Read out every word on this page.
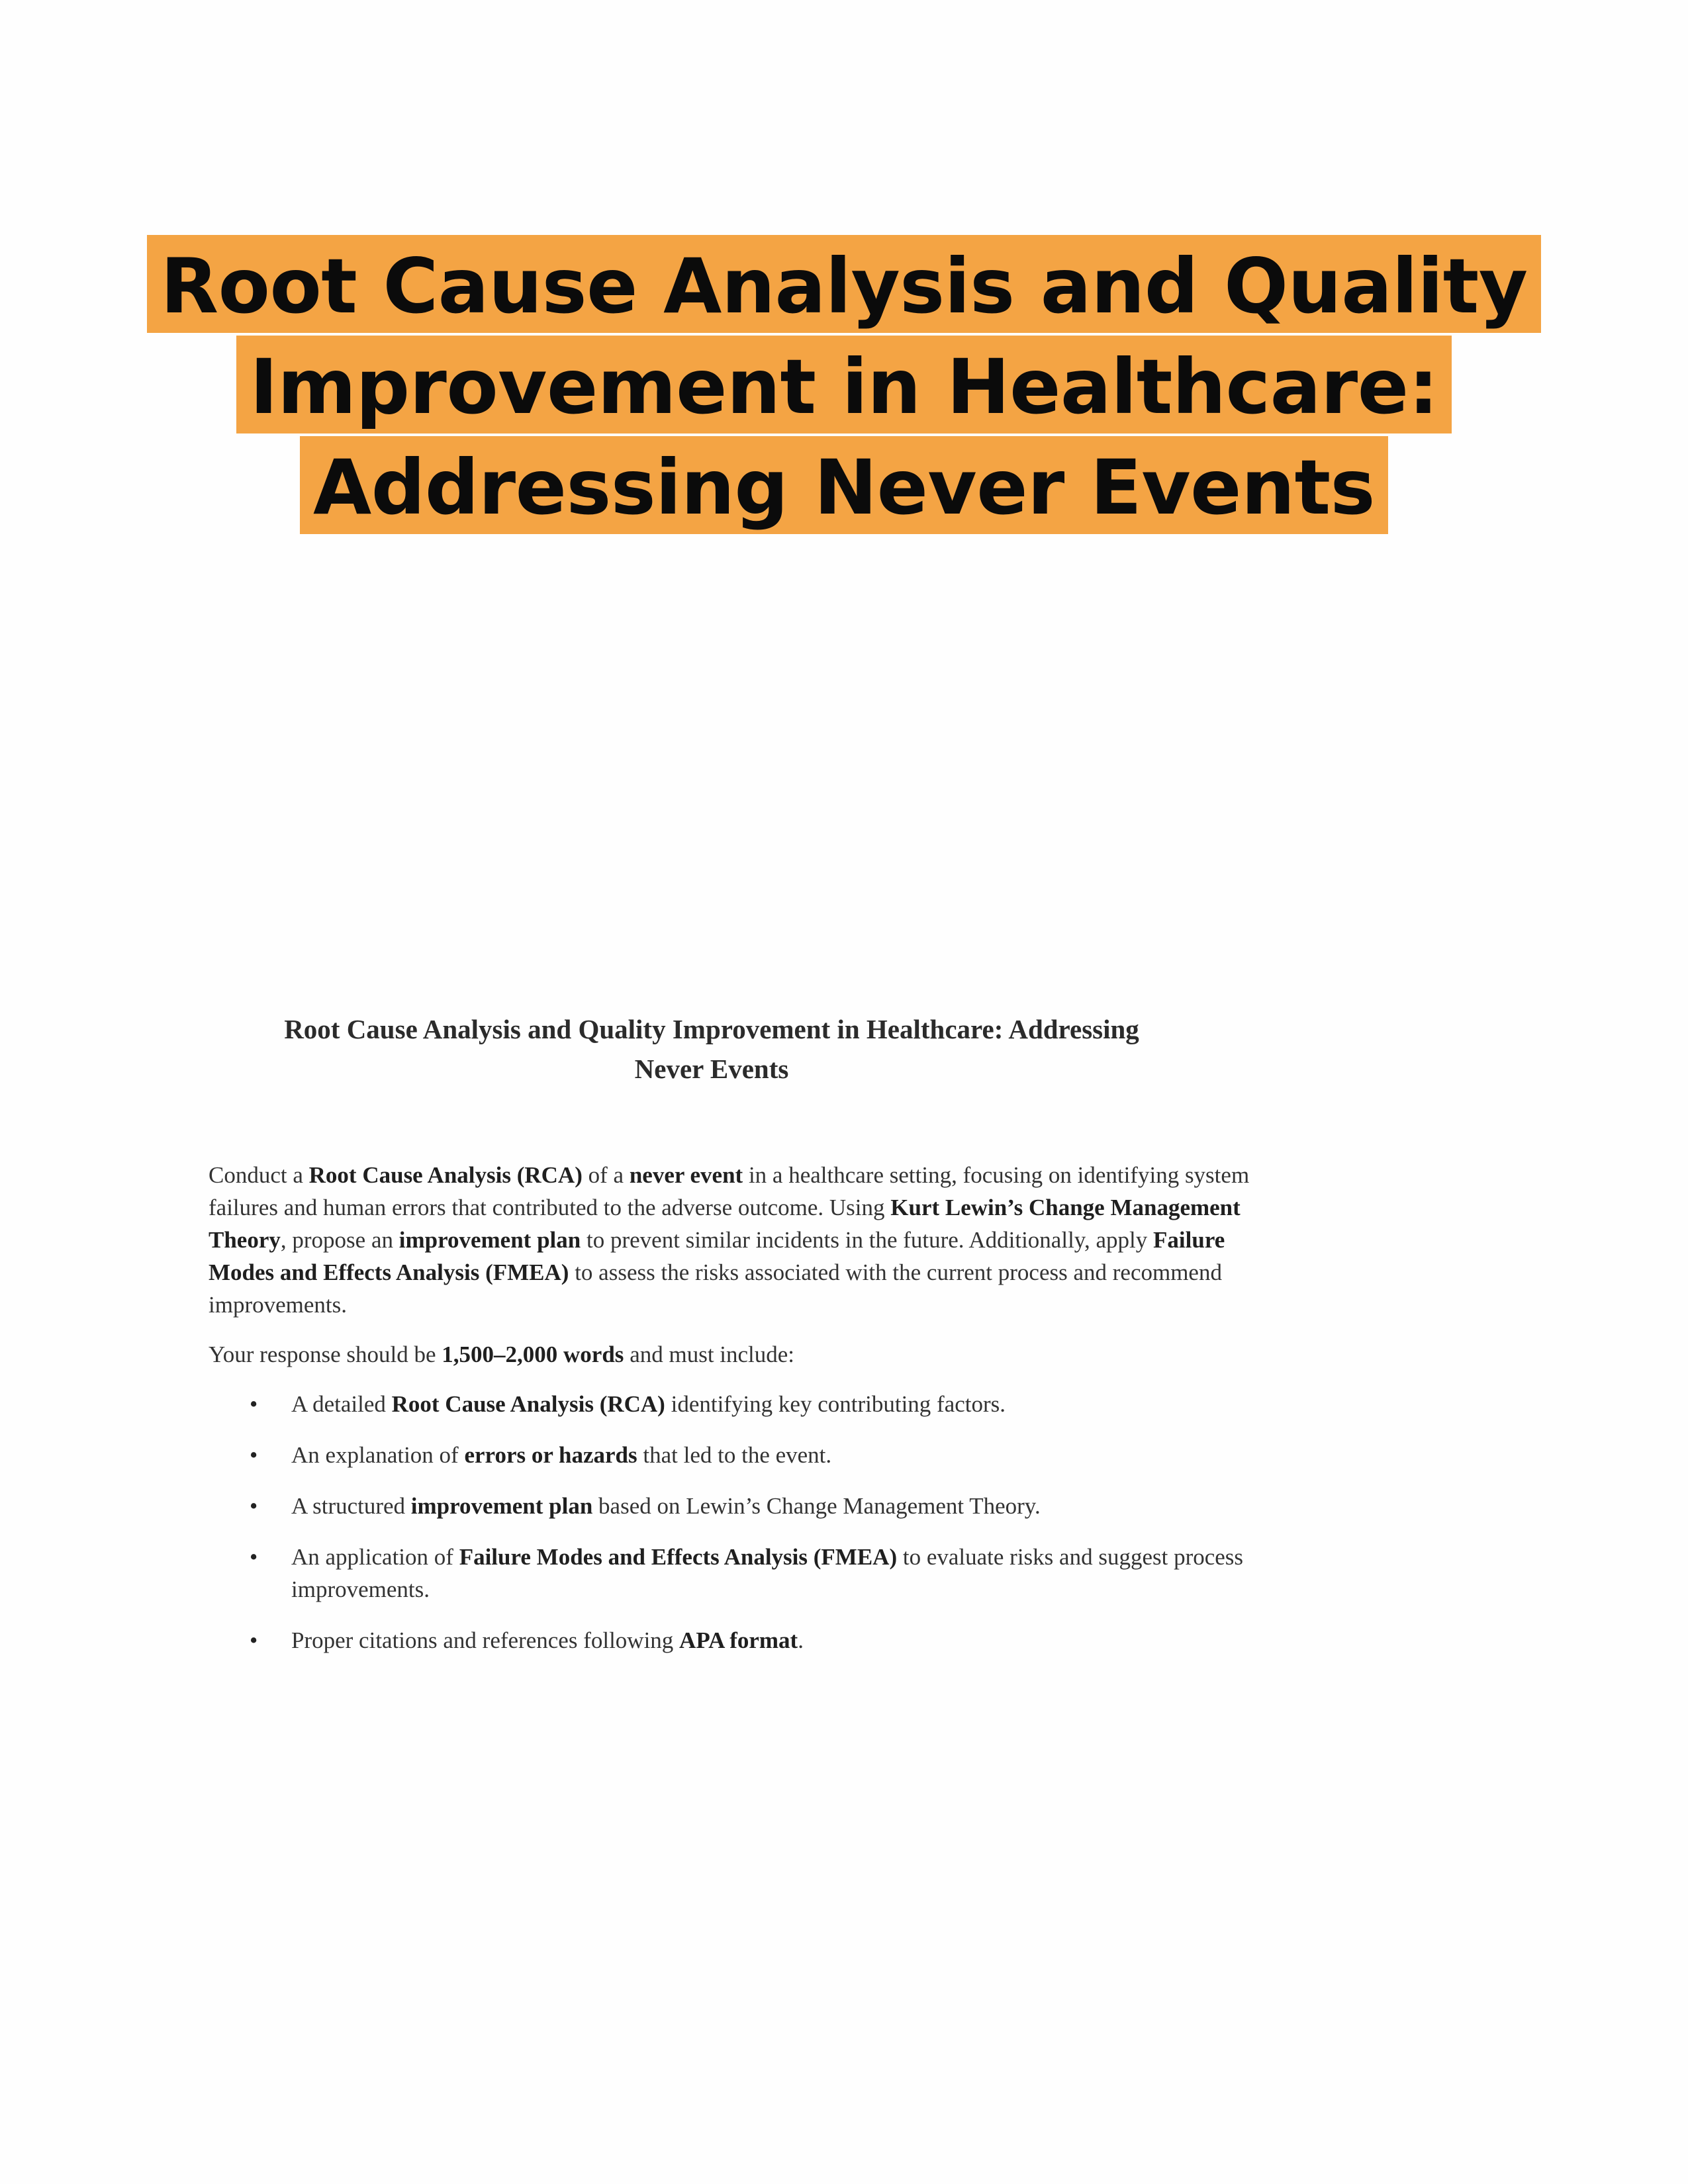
Root Cause Analysis and Quality
Improvement in Healthcare:
Addressing Never Events
Root Cause Analysis and Quality Improvement in Healthcare: Addressing
Never Events

Conduct a Root Cause Analysis (RCA) of a never event in a healthcare setting, focusing on identifying system failures and human errors that contributed to the adverse outcome. Using Kurt Lewin’s Change Management Theory, propose an improvement plan to prevent similar incidents in the future. Additionally, apply Failure Modes and Effects Analysis (FMEA) to assess the risks associated with the current process and recommend improvements.

Your response should be 1,500–2,000 words and must include:

• A detailed Root Cause Analysis (RCA) identifying key contributing factors.
• An explanation of errors or hazards that led to the event.
• A structured improvement plan based on Lewin’s Change Management Theory.
• An application of Failure Modes and Effects Analysis (FMEA) to evaluate risks and suggest process improvements.
• Proper citations and references following APA format.
